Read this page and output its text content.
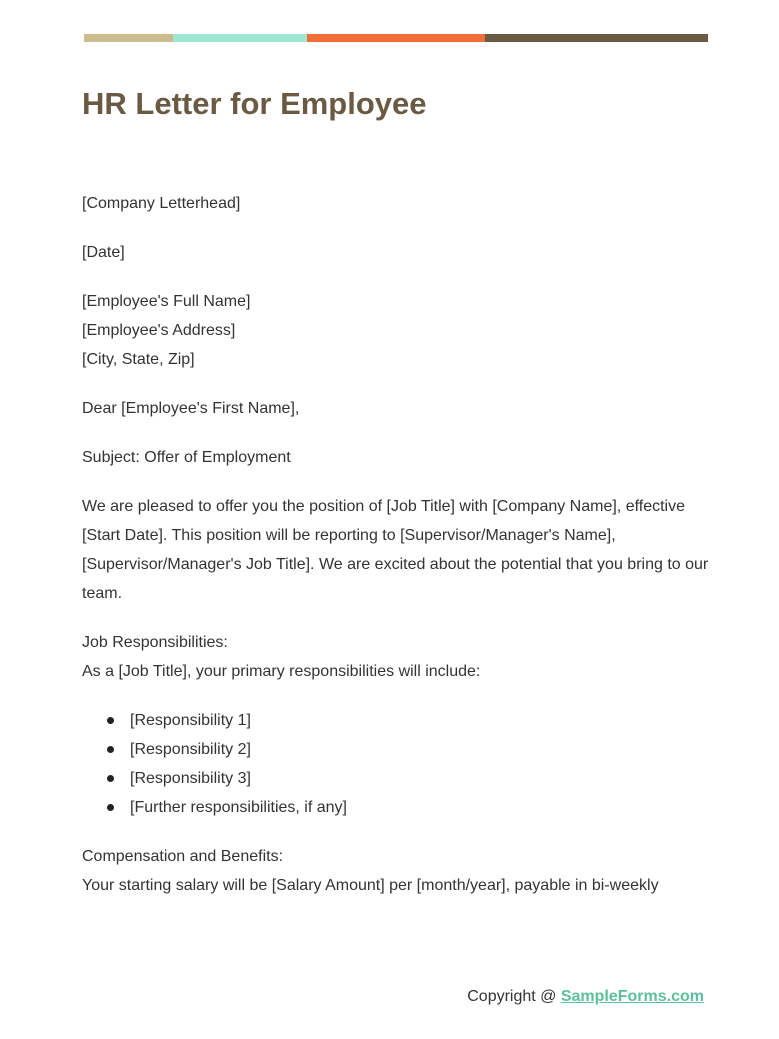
HR Letter for Employee

[Company Letterhead]

[Date]

[Employee's Full Name]
[Employee's Address]
[City, State, Zip]

Dear [Employee's First Name],

Subject: Offer of Employment

We are pleased to offer you the position of [Job Title] with [Company Name], effective [Start Date]. This position will be reporting to [Supervisor/Manager's Name], [Supervisor/Manager's Job Title]. We are excited about the potential that you bring to our team.

Job Responsibilities:
As a [Job Title], your primary responsibilities will include:

[Responsibility 1]
[Responsibility 2]
[Responsibility 3]
[Further responsibilities, if any]

Compensation and Benefits:
Your starting salary will be [Salary Amount] per [month/year], payable in bi-weekly

Copyright @ SampleForms.com
